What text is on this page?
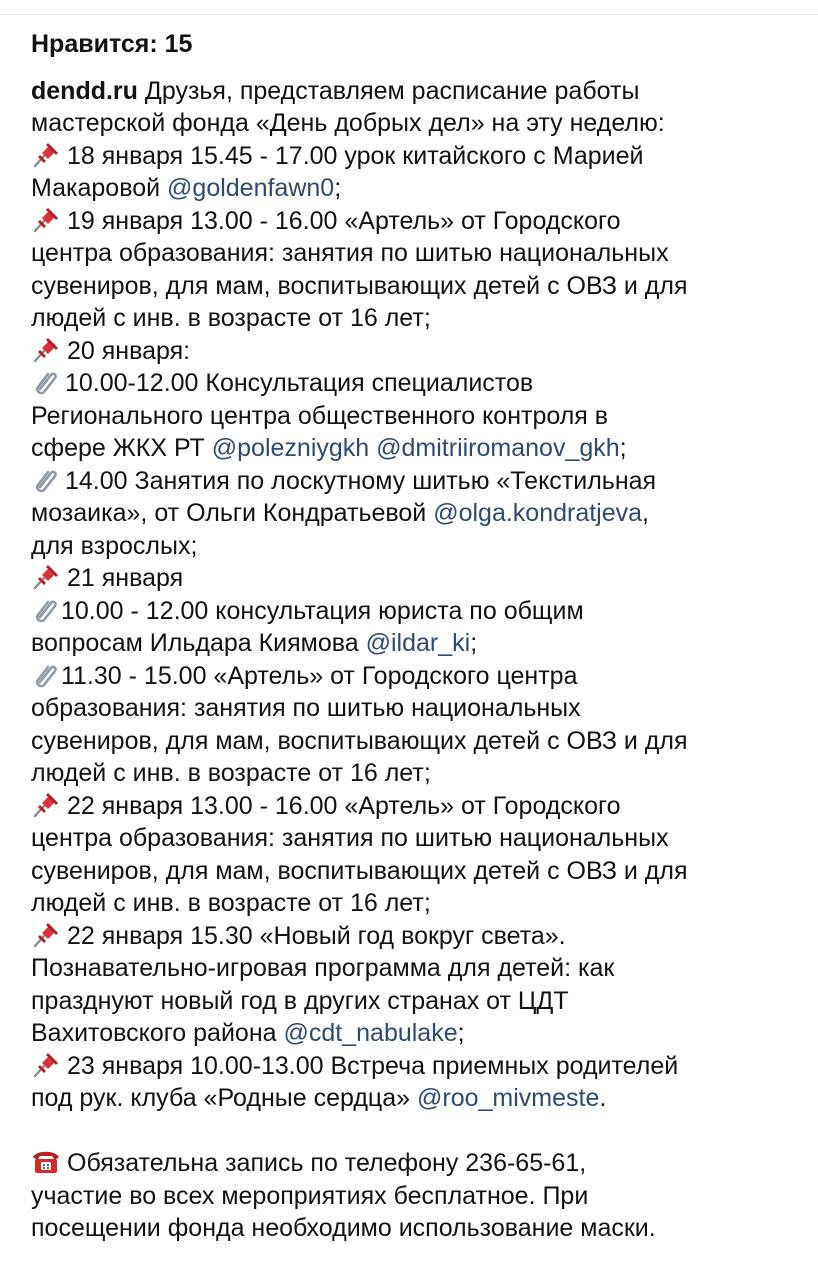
Нравится: 15
dendd.ru Друзья, представляем расписание работы
мастерской фонда «День добрых дел» на эту неделю:
18 января 15.45 - 17.00 урок китайского с Марией
Макаровой @goldenfawn0;
19 января 13.00 - 16.00 «Артель» от Городского
центра образования: занятия по шитью национальных
сувениров, для мам, воспитывающих детей с ОВЗ и для
людей с инв. в возрасте от 16 лет;
20 января:
10.00-12.00 Консультация специалистов
Регионального центра общественного контроля в
сфере ЖКХ РТ @polezniygkh @dmitriiromanov_gkh;
14.00 Занятия по лоскутному шитью «Текстильная
мозаика», от Ольги Кондратьевой @olga.kondratjeva,
для взрослых;
21 января
10.00 - 12.00 консультация юриста по общим
вопросам Ильдара Киямова @ildar_ki;
11.30 - 15.00 «Артель» от Городского центра
образования: занятия по шитью национальных
сувениров, для мам, воспитывающих детей с ОВЗ и для
людей с инв. в возрасте от 16 лет;
22 января 13.00 - 16.00 «Артель» от Городского
центра образования: занятия по шитью национальных
сувениров, для мам, воспитывающих детей с ОВЗ и для
людей с инв. в возрасте от 16 лет;
22 января 15.30 «Новый год вокруг света».
Познавательно-игровая программа для детей: как
празднуют новый год в других странах от ЦДТ
Вахитовского района @cdt_nabulake;
23 января 10.00-13.00 Встреча приемных родителей
под рук. клуба «Родные сердца» @roo_mivmeste.
Обязательна запись по телефону 236-65-61,
участие во всех мероприятиях бесплатное. При
посещении фонда необходимо использование маски.
